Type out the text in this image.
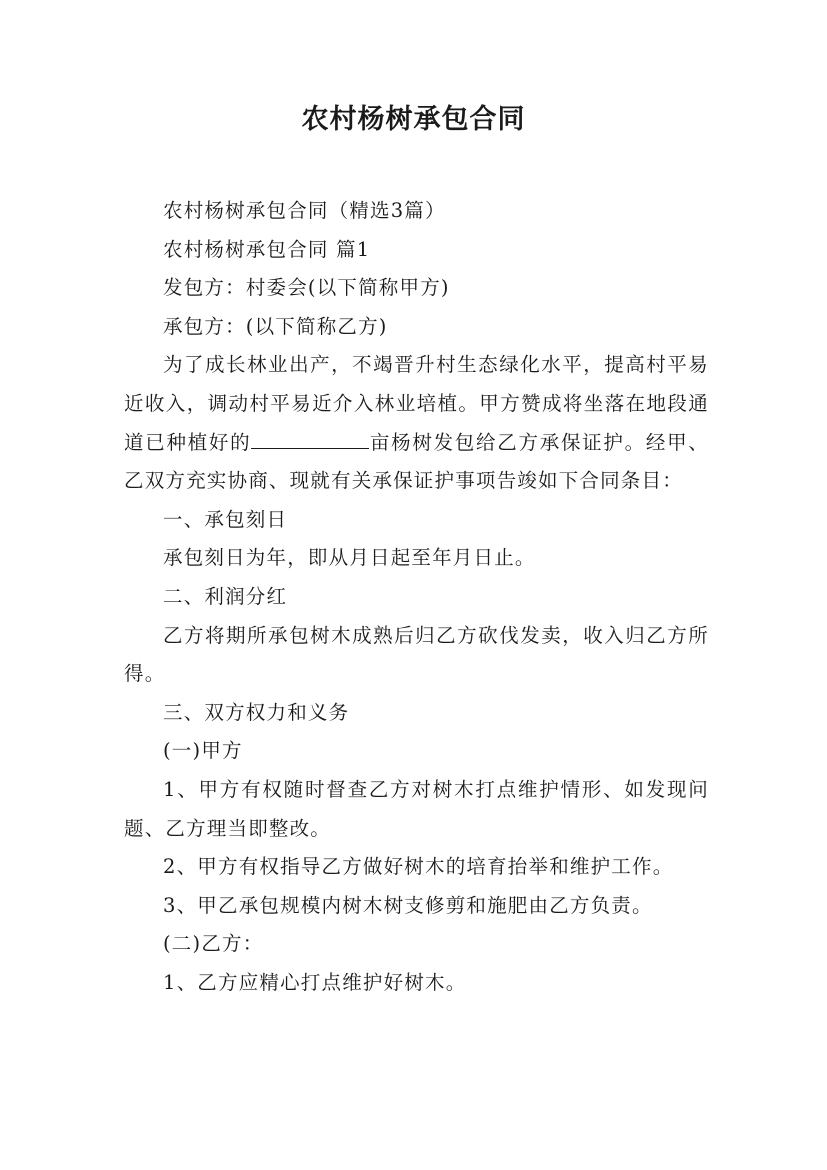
农村杨树承包合同

农村杨树承包合同（精选3篇）

农村杨树承包合同 篇1

发包方：村委会(以下简称甲方)

承包方：(以下简称乙方)

为了成长林业出产，不竭晋升村生态绿化水平，提高村平易近收入，调动村平易近介入林业培植。甲方赞成将坐落在地段通道已种植好的	亩杨树发包给乙方承保证护。经甲、乙双方充实协商、现就有关承保证护事项告竣如下合同条目：

一、承包刻日

承包刻日为年，即从月日起至年月日止。

二、利润分红

乙方将期所承包树木成熟后归乙方砍伐发卖，收入归乙方所得。

三、双方权力和义务

(一)甲方

1、甲方有权随时督查乙方对树木打点维护情形、如发现问题、乙方理当即整改。

2、甲方有权指导乙方做好树木的培育抬举和维护工作。

3、甲乙承包规模内树木树支修剪和施肥由乙方负责。

(二)乙方：

1、乙方应精心打点维护好树木。
